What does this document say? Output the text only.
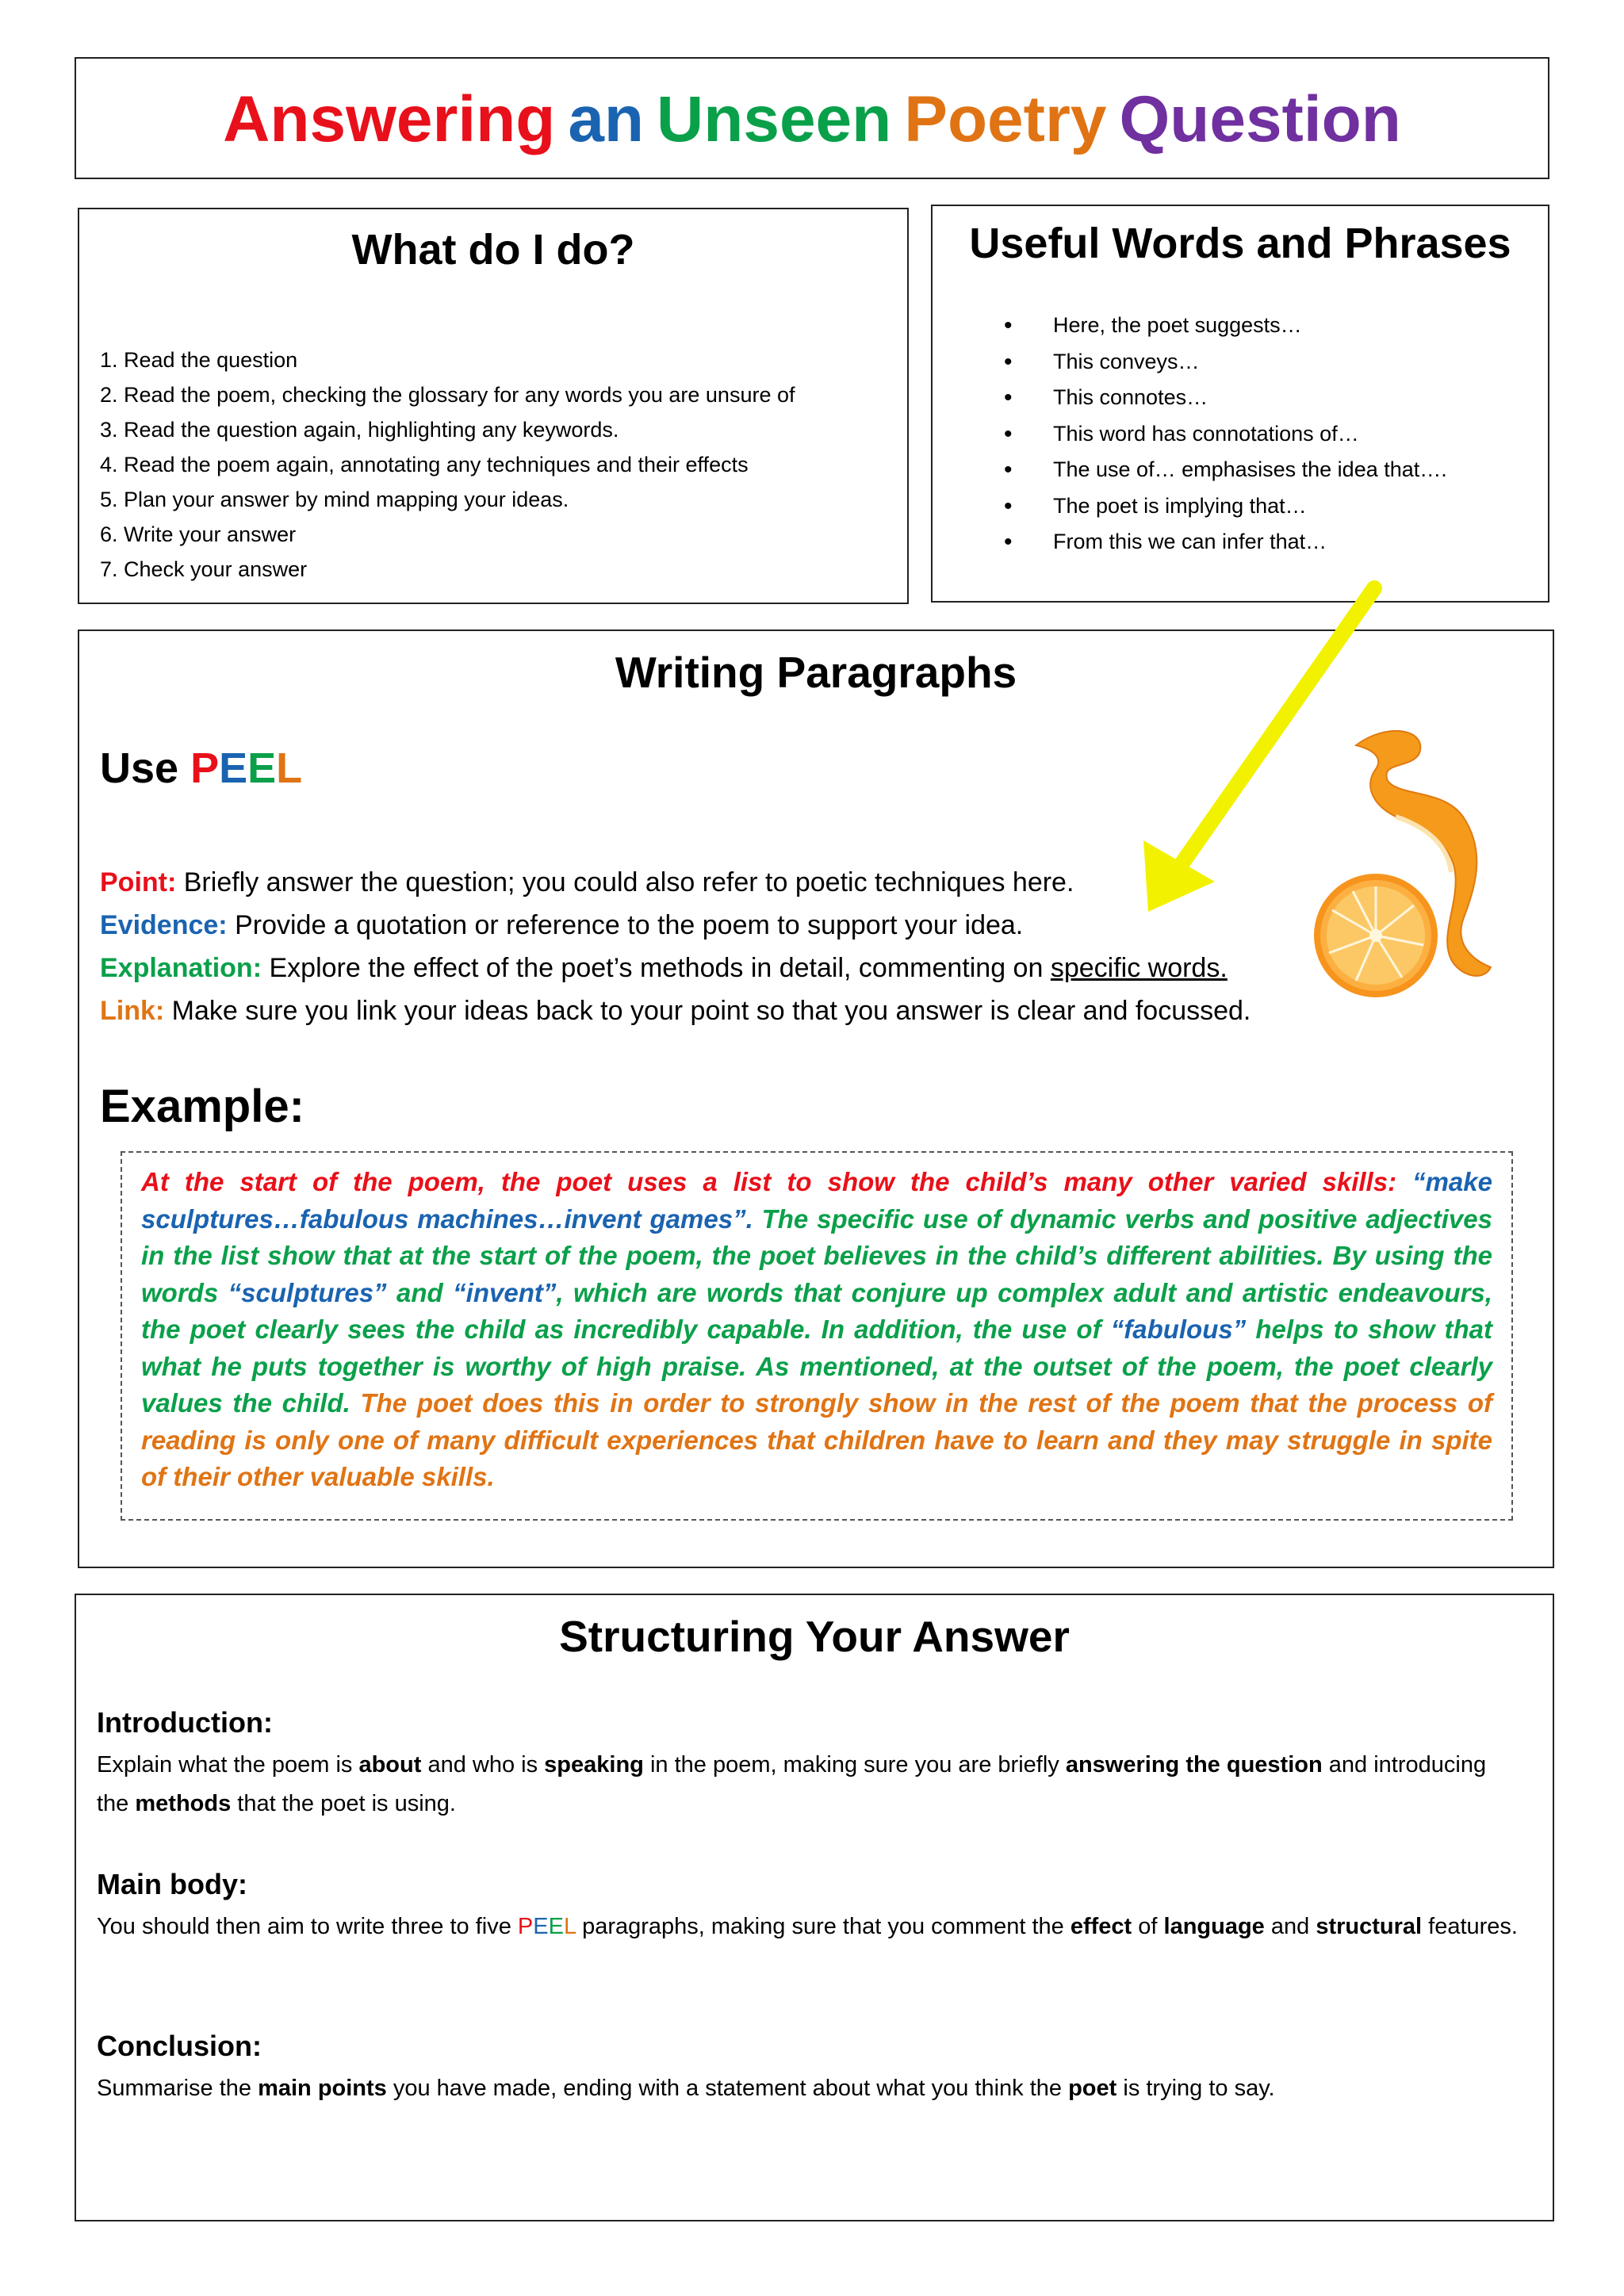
Answering an Unseen Poetry Question
What do I do?
1. Read the question
2. Read the poem, checking the glossary for any words you are unsure of
3. Read the question again, highlighting any keywords.
4. Read the poem again, annotating any techniques and their effects
5. Plan your answer by mind mapping your ideas.
6. Write your answer
7. Check your answer
Useful Words and Phrases
• Here, the poet suggests…
• This conveys…
• This connotes…
• This word has connotations of…
• The use of… emphasises the idea that….
• The poet is implying that…
• From this we can infer that…
Writing Paragraphs

Use PEEL

Point: Briefly answer the question; you could also refer to poetic techniques here.
Evidence: Provide a quotation or reference to the poem to support your idea.
Explanation: Explore the effect of the poet’s methods in detail, commenting on specific words.
Link: Make sure you link your ideas back to your point so that you answer is clear and focussed.
Example:

At the start of the poem, the poet uses a list to show the child’s many other varied skills: “make sculptures…fabulous machines…invent games”. The specific use of dynamic verbs and positive adjectives in the list show that at the start of the poem, the poet believes in the child’s different abilities. By using the words “sculptures” and “invent”, which are words that conjure up complex adult and artistic endeavours, the poet clearly sees the child as incredibly capable. In addition, the use of “fabulous” helps to show that what he puts together is worthy of high praise. As mentioned, at the outset of the poem, the poet clearly values the child. The poet does this in order to strongly show in the rest of the poem that the process of reading is only one of many difficult experiences that children have to learn and they may struggle in spite of their other valuable skills.

Structuring Your Answer
Introduction:

Explain what the poem is about and who is speaking in the poem, making sure you are briefly answering the question and introducing the methods that the poet is using.

Main body:

You should then aim to write three to five PEEL paragraphs, making sure that you comment the effect of language and structural features.

Conclusion:

Summarise the main points you have made, ending with a statement about what you think the poet is trying to say.
